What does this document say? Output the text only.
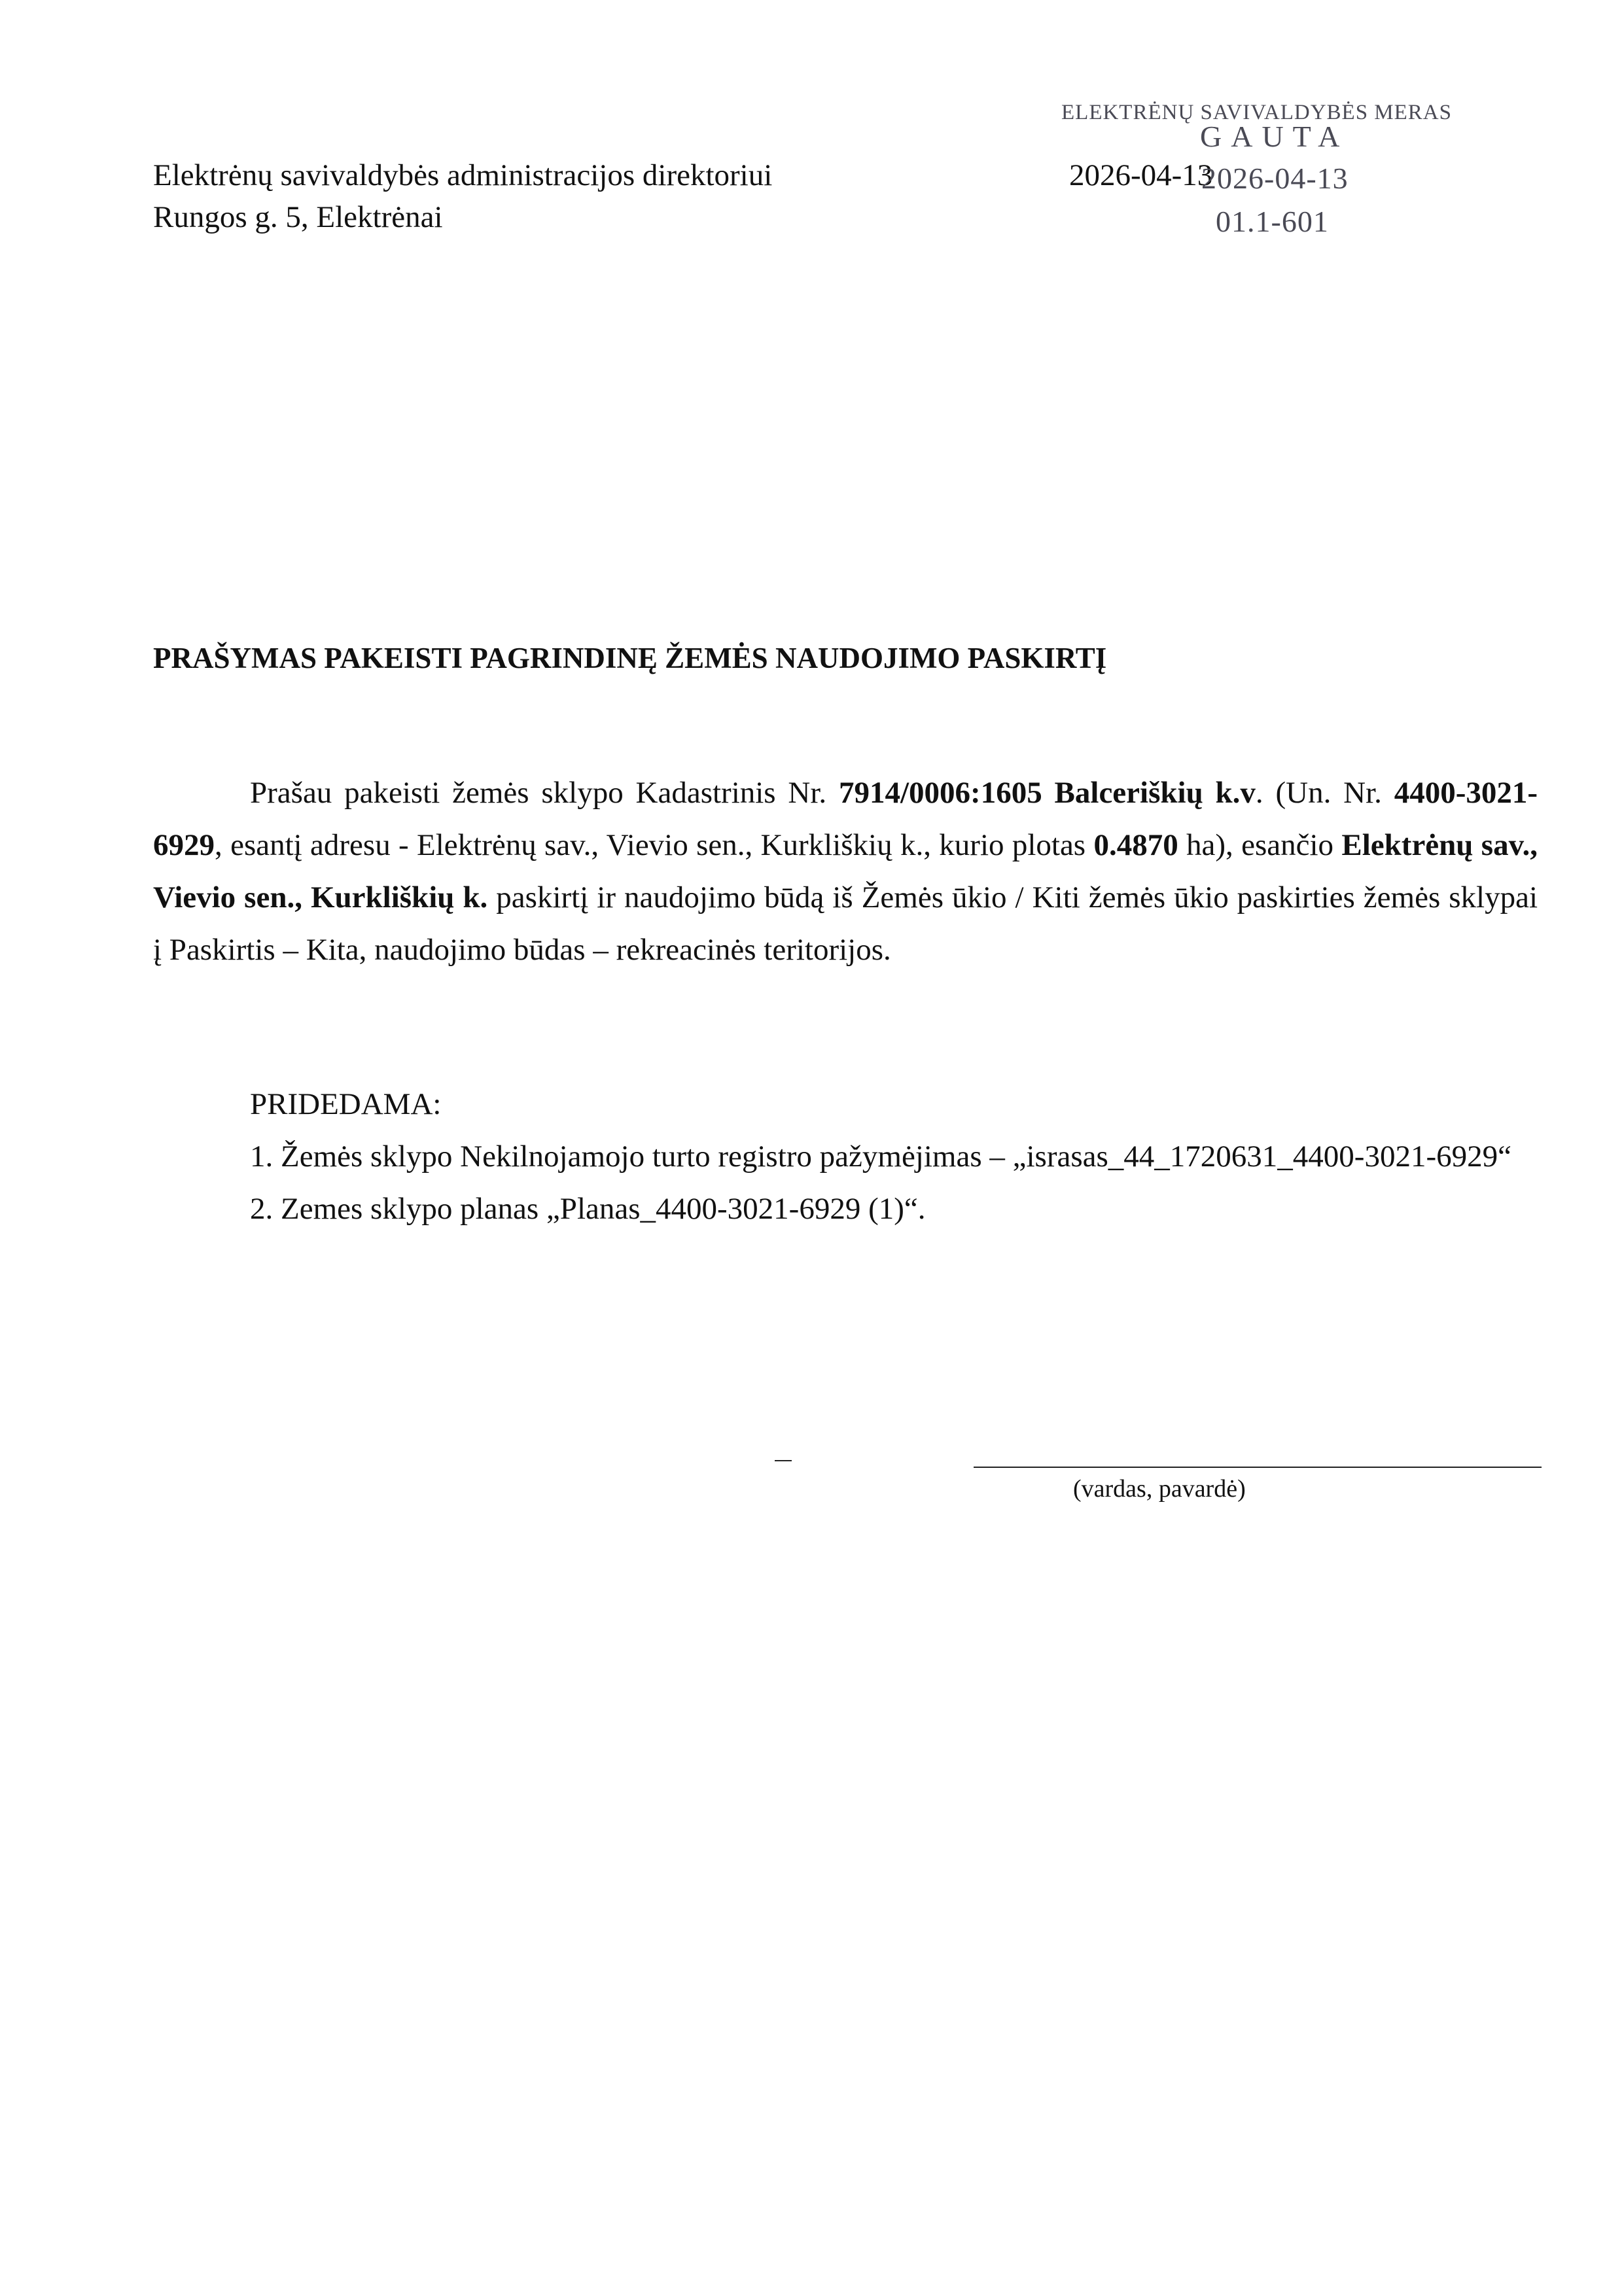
Elektrėnų savivaldybės administracijos direktoriui
Rungos g. 5, Elektrėnai
2026-04-13
ELEKTRĖNŲ SAVIVALDYBĖS MERAS
GAUTA
2026-04-13
01.1-601
PRAŠYMAS PAKEISTI PAGRINDINĘ ŽEMĖS NAUDOJIMO PASKIRTĮ
Prašau pakeisti žemės sklypo Kadastrinis Nr. 7914/0006:1605 Balceriškių k.v. (Un. Nr. 4400-3021-6929, esantį adresu - Elektrėnų sav., Vievio sen., Kurkliškių k., kurio plotas 0.4870 ha), esančio Elektrėnų sav., Vievio sen., Kurkliškių k. paskirtį ir naudojimo būdą iš Žemės ūkio / Kiti žemės ūkio paskirties žemės sklypai į Paskirtis – Kita, naudojimo būdas – rekreacinės teritorijos.
PRIDEDAMA:
1. Žemės sklypo Nekilnojamojo turto registro pažymėjimas – „israsas_44_1720631_4400-3021-6929“
2. Zemes sklypo planas „Planas_4400-3021-6929 (1)“.
(vardas, pavardė)
